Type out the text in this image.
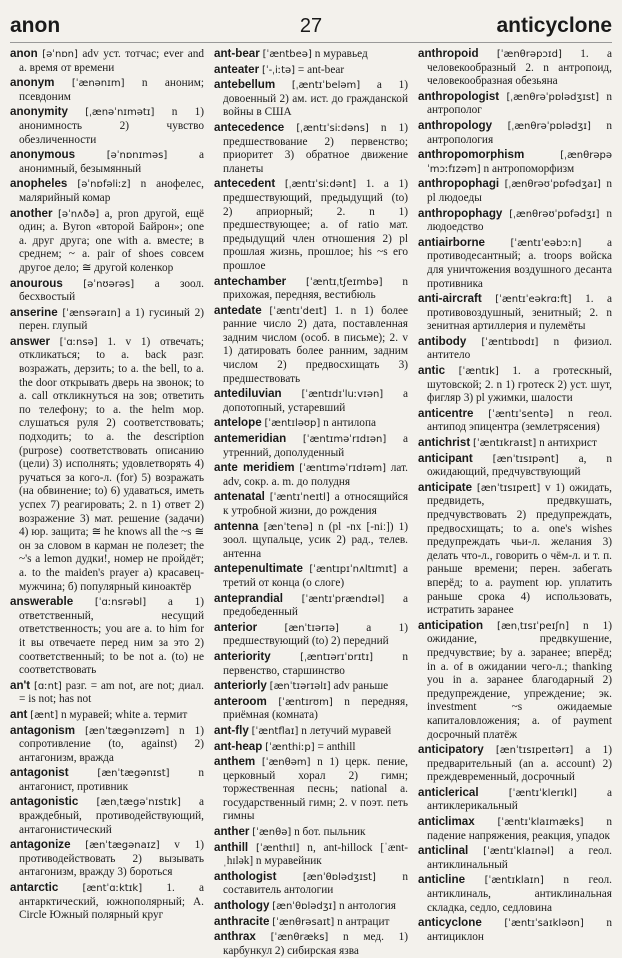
anon	27	anticyclone
anon [əˈnɒn] adv уст. тотчас; ever and a. время от времени
anonym [ˈænənɪm] n аноним; псевдоним
anonymity [ˌænəˈnɪmətɪ] n 1) анонимность 2) чувство обезличенности
anonymous	[əˈnɒnɪməs]	a анонимный, безымянный
anopheles [əˈnɒfəliːz] n анофелес, малярийный комар
another [əˈnʌðə] a, pron другой, ещё один; a. Byron «второй Байрон»; one a. друг друга; one with a. вместе; в среднем; ~ a. pair of shoes совсем другое дело; ≅ другой коленкор
anourous [əˈnʊərəs] a зоол. бесхвостый
anserine [ˈænsəraɪn] a 1) гусиный 2) перен. глупый
answer [ˈɑːnsə] 1. v 1) отвечать; откликаться; to a. back разг. возражать, дерзить; to a. the bell, to a. the door открывать дверь на звонок; to a. call откликнуться на зов; ответить по телефону; to a. the helm мор. слушаться руля 2) соответствовать; подходить; to a. the description (purpose) соответствовать описанию (цели) 3) исполнять; удовлетворять 4) ручаться за кого-л. (for) 5) возражать (на обвинение; to) 6) удаваться, иметь успех 7) реагировать; 2. n 1) ответ 2) возражение 3) мат. решение (задачи) 4) юр. защита; ≅ he knows all the ~s ≅ он за словом в карман не полезет; the ~'s a lemon дудки!, номер не пройдёт; a. to the maiden's prayer a) красавец-мужчина; б) популярный киноактёр
answerable [ˈɑːnsrəbl] a 1) ответственный, несущий ответственность; you are a. to him for it вы отвечаете перед ним за это 2) соответственный; to be not a. (to) не соответствовать
an't [ɑːnt] разг. = am not, are not; диал. = is not; has not
ant [ænt] n муравей; white a. термит
antagonism [ænˈtægənɪzəm] n 1) сопротивление (to, against) 2) антагонизм, вражда
antagonist	[ænˈtægənɪst]	n антагонист, противник
antagonistic [ænˌtægəˈnɪstɪk] a враждебный, противодействующий, антагонистический
antagonize [ænˈtægənaɪz] v 1) противодействовать 2) вызывать антагонизм, вражду 3) бороться
antarctic [æntˈɑːktɪk] 1. a антарктический, южнополярный; A. Circle Южный полярный круг
ant-bear [ˈæntbeə] n муравьед
anteater [ˈ-ˌiːtə] = ant-bear
antebellum [ˌæntɪˈbeləm] a 1) довоенный 2) ам. ист. до гражданской войны в США
antecedence [ˌæntɪˈsiːdəns] n 1) предшествование 2) первенство; приоритет 3) обратное движение планеты
antecedent [ˌæntɪˈsiːdənt] 1. a 1) предшествующий, предыдущий (to) 2) априорный; 2. n 1) предшествующее; a. of ratio мат. предыдущий член отношения 2) pl прошлая жизнь, прошлое; his ~s его прошлое
antechamber [ˈæntɪˌtʃeɪmbə] n прихожая, передняя, вестибюль
antedate [ˈæntɪˈdeɪt] 1. n 1) более ранние число 2) дата, поставленная задним числом (особ. в письме); 2. v 1) датировать более ранним, задним числом 2) предвосхищать 3) предшествовать
antediluvian [ˈæntɪdɪˈluːvɪən] a допотопный, устаревший
antelope [ˈæntɪləʊp] n антилопа
antemeridian [ˈæntɪməˈrɪdɪən] a утренний, дополуденный
ante meridiem [ˈæntɪməˈrɪdɪəm] лат. adv, сокр. a. m. до полудня
antenatal [ˈæntɪˈneɪtl] a относящийся к утробной жизни, до рождения
antenna [ænˈtenə] n (pl -nx [-niː]) 1) зоол. щупальце, усик 2) рад., телев. антенна
antepenultimate [ˈæntɪpɪˈnʌltɪmɪt] a третий от конца (о слоге)
anteprandial [ˈæntɪˈprændɪəl] a предобеденный
anterior	[ænˈtɪərɪə] a 1) предшествующий (to) 2) передний
anteriority	[ˌæntɪərɪˈɒrɪtɪ]	n первенство, старшинство
anteriorly [ænˈtɪərɪəlɪ] adv раньше
anteroom [ˈæntɪrʊm] n передняя, приёмная (комната)
ant-fly [ˈæntflaɪ] n летучий муравей
ant-heap [ˈænthiːp] = anthill
anthem [ˈænθəm] n 1) церк. пение, церковный хорал 2) гимн; торжественная песнь; national a. государственный гимн; 2. v поэт. петь гимны
anther [ˈænθə] n бот. пыльник
anthill [ˈænthɪl] n, ant-hillock [ˈænt-ˌhɪlək] n муравейник
anthologist	[ænˈθɒlədʒɪst] n составитель антологии
anthology [ænˈθɒlədʒɪ] n антология
anthracite [ˈænθrəsaɪt] n антрацит
anthrax [ˈænθræks] n мед. 1) карбункул 2) сибирская язва
anthropoid [ˈænθrəpɔɪd] 1. a человекообразный 2. n антропоид, человекообразная обезьяна
anthropologist [ˌænθrəˈpɒlədʒɪst] n антрополог
anthropology [ˌænθrəˈpɒlədʒɪ] n антропология
anthropomorphism	[ˌænθrəpəˈmɔːfɪzəm] n антропоморфизм
anthropophagi [ˌænθrəʊˈpɒfədʒaɪ] n pl людоеды
anthropophagy [ˌænθrəʊˈpɒfədʒɪ] n людоедство
antiairborne	[ˈæntɪˈeəbɔːn] a противодесантный; a. troops войска для уничтожения воздушного десанта противника
anti-aircraft [ˈæntɪˈeəkrɑːft] 1. a противовоздушный, зенитный; 2. n зенитная артиллерия и пулемёты
antibody [ˈæntɪbɒdɪ] n физиол. антитело
antic [ˈæntɪk] 1. a гротескный, шутовской; 2. n 1) гротеск 2) уст. шут, фигляр 3) pl ужимки, шалости
anticentre [ˈæntɪˈsentə] n геол. антипод эпицентра (землетрясения)
antichrist [ˈæntɪkraɪst] n антихрист
anticipant [ænˈtɪsɪpənt] a, n ожидающий, предчувствующий
anticipate [ænˈtɪsɪpeɪt] v 1) ожидать, предвидеть, предвкушать, предчувствовать 2) предупреждать, предвосхищать; to a. one's wishes предупреждать чьи-л. желания 3) делать что-л., говорить о чём-л. и т. п. раньше времени; перен. забегать вперёд; to a. payment юр. уплатить раньше срока 4) использовать, истратить заранее
anticipation [ænˌtɪsɪˈpeɪʃn] n 1) ожидание, предвкушение, предчувствие; by a. заранее; вперёд; in a. of в ожидании чего-л.; thanking you in a. заранее благодарный 2) предупреждение, упреждение; эк. investment ~s ожидаемые капиталовложения; a. of payment досрочный платёж
anticipatory [ænˈtɪsɪpeɪtərɪ] a 1) предварительный (an a. account) 2) преждевременный, досрочный
anticlerical	[ˈæntɪˈklerɪkl]	a антиклерикальный
anticlimax [ˈæntɪˈklaɪmæks] n падение напряжения, реакция, упадок
anticlinal [ˈæntɪˈklaɪnəl] a геол. антиклинальный
anticline [ˈæntɪklaɪn] n геол. антиклиналь, антиклинальная складка, седло, седловина
anticyclone [ˈæntɪˈsaɪkləʊn] n антициклон
